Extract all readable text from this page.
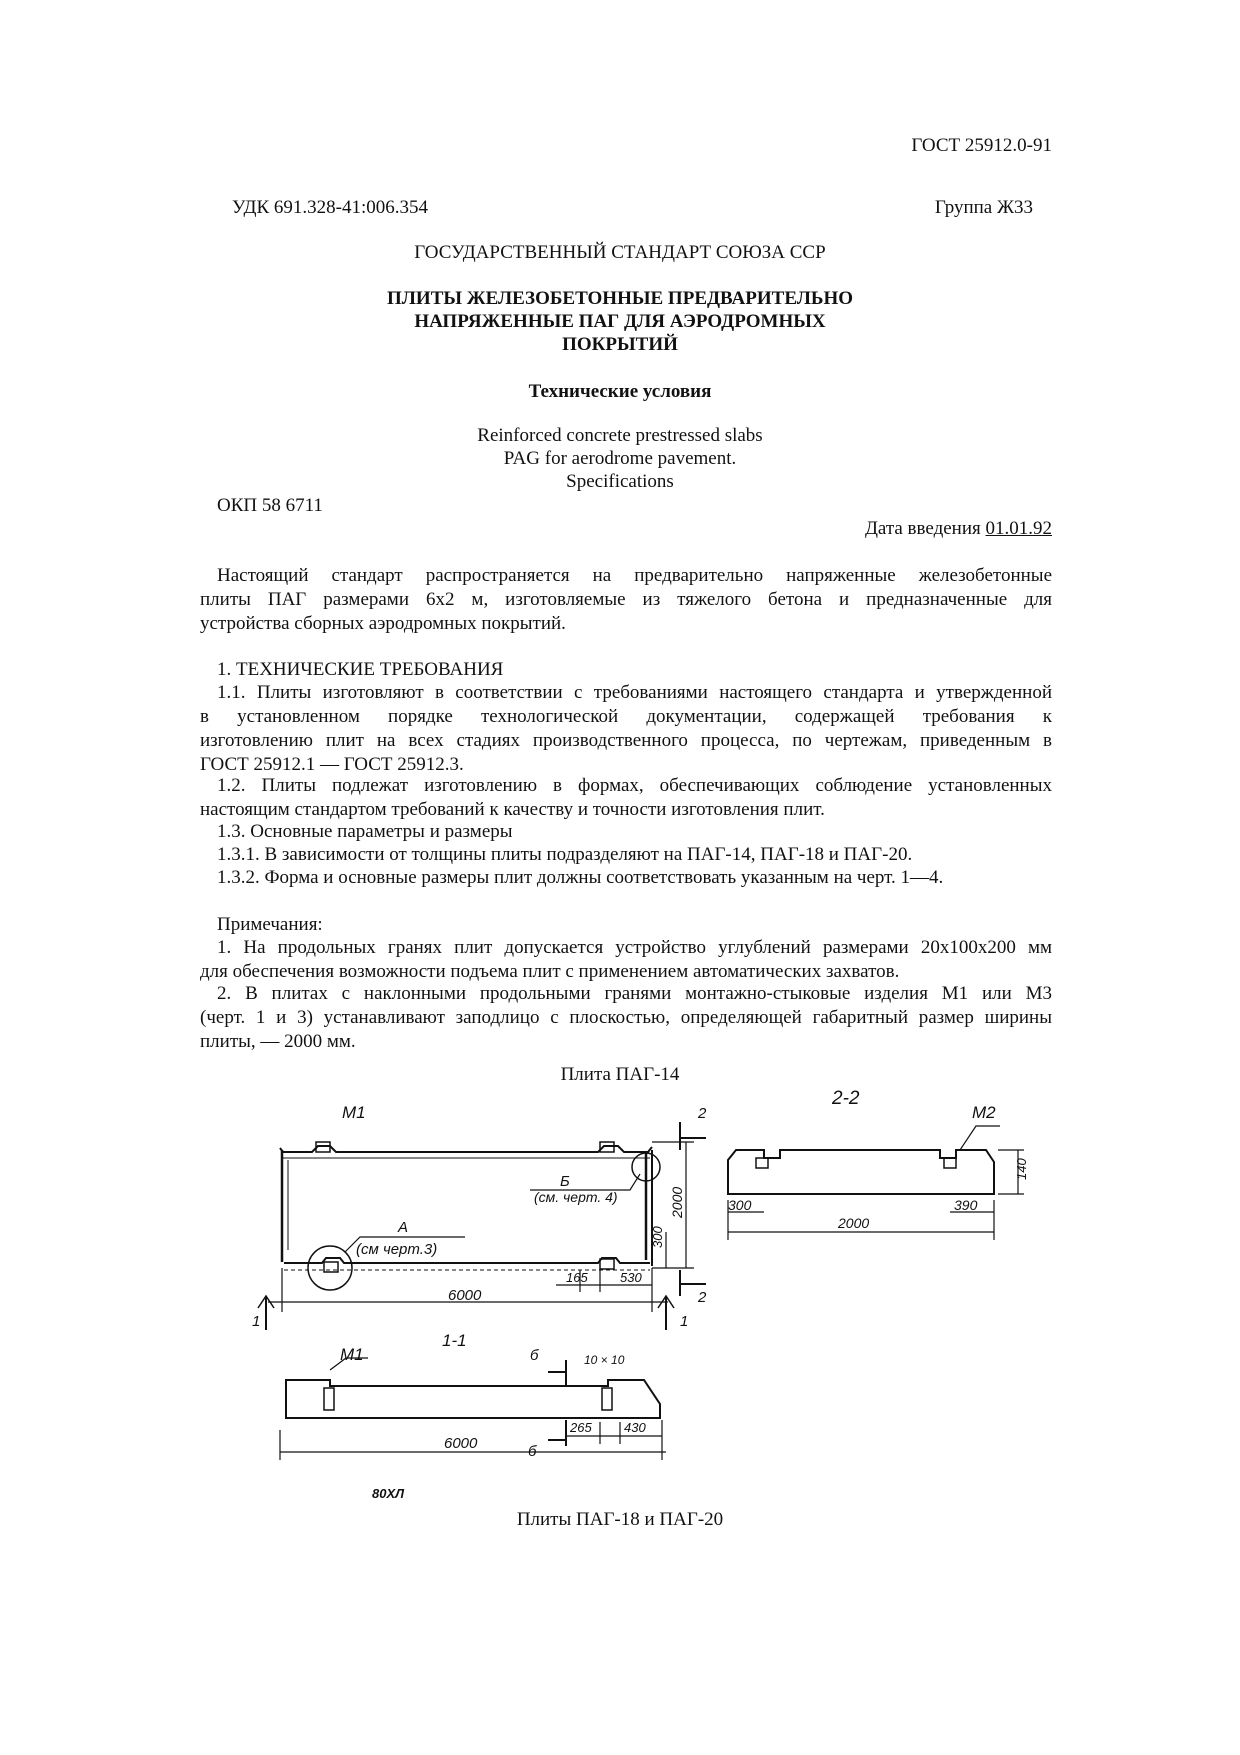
ГОСТ 25912.0-91
УДК 691.328-41:006.354	Группа Ж33
ГОСУДАРСТВЕННЫЙ СТАНДАРТ СОЮЗА ССР
ПЛИТЫ ЖЕЛЕЗОБЕТОННЫЕ ПРЕДВАРИТЕЛЬНО
НАПРЯЖЕННЫЕ ПАГ ДЛЯ АЭРОДРОМНЫХ
ПОКРЫТИЙ
Технические условия
Reinforced concrete prestressed slabs
PAG for aerodrome pavement.
Specifications
ОКП 58 6711
Дата введения 01.01.92
Настоящий стандарт распространяется на предварительно напряженные железобетонные
плиты ПАГ размерами 6х2 м, изготовляемые из тяжелого бетона и предназначенные для
устройства сборных аэродромных покрытий.
1. ТЕХНИЧЕСКИЕ ТРЕБОВАНИЯ
1.1. Плиты изготовляют в соответствии с требованиями настоящего стандарта и утвержденной
в установленном порядке технологической документации, содержащей требования к
изготовлению плит на всех стадиях производственного процесса, по чертежам, приведенным в
ГОСТ 25912.1 — ГОСТ 25912.3.
1.2. Плиты подлежат изготовлению в формах, обеспечивающих соблюдение установленных
настоящим стандартом требований к качеству и точности изготовления плит.
1.3. Основные параметры и размеры
1.3.1. В зависимости от толщины плиты подразделяют на ПАГ-14, ПАГ-18 и ПАГ-20.
1.3.2. Форма и основные размеры плит должны соответствовать указанным на черт. 1—4.
Примечания:
1. На продольных гранях плит допускается устройство углублений размерами 20х100х200 мм
для обеспечения возможности подъема плит с применением автоматических захватов.
2. В плитах с наклонными продольными гранями монтажно-стыковые изделия М1 или М3
(черт. 1 и 3) устанавливают заподлицо с плоскостью, определяющей габаритный размер ширины
плиты, — 2000 мм.
Плита ПАГ-14
М1	2
2-2
М2
Б
(см. черт. 4)
А
(см черт.3)
300	390
2000
140
2000
300
6000
165 530
2
1	1
1-1
М1	б	10 × 10
б
265 430
6000
80ХЛ
Плиты ПАГ-18 и ПАГ-20
